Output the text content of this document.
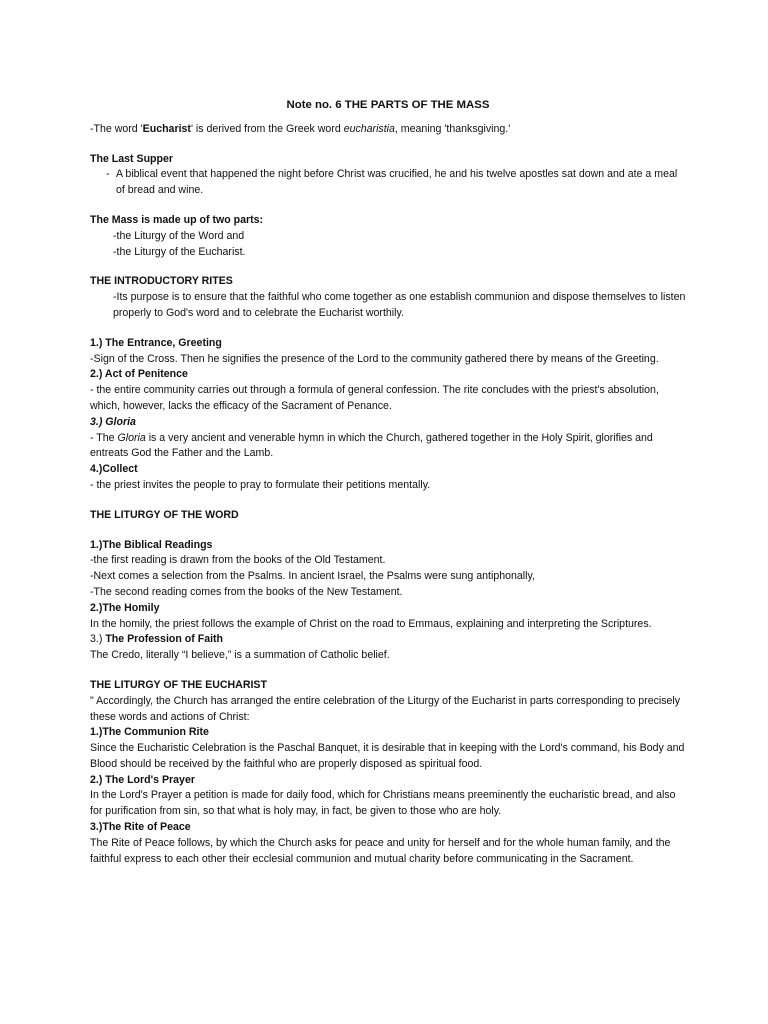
Note no. 6 THE PARTS OF THE MASS

-The word 'Eucharist' is derived from the Greek word eucharistia, meaning 'thanksgiving.'

The Last Supper

- A biblical event that happened the night before Christ was crucified, he and his twelve apostles sat down and ate a meal of bread and wine.

The Mass is made up of two parts:

-the Liturgy of the Word and

-the Liturgy of the Eucharist.

THE INTRODUCTORY RITES

-Its purpose is to ensure that the faithful who come together as one establish communion and dispose themselves to listen properly to God's word and to celebrate the Eucharist worthily.

1.) The Entrance, Greeting

-Sign of the Cross. Then he signifies the presence of the Lord to the community gathered there by means of the Greeting.

2.) Act of Penitence

- the entire community carries out through a formula of general confession. The rite concludes with the priest's absolution, which, however, lacks the efficacy of the Sacrament of Penance.

3.) Gloria

- The Gloria is a very ancient and venerable hymn in which the Church, gathered together in the Holy Spirit, glorifies and entreats God the Father and the Lamb.

4.)Collect

- the priest invites the people to pray to formulate their petitions mentally.

THE LITURGY OF THE WORD

1.)The Biblical Readings

-the first reading is drawn from the books of the Old Testament.

-Next comes a selection from the Psalms. In ancient Israel, the Psalms were sung antiphonally,

-The second reading comes from the books of the New Testament.

2.)The Homily

In the homily, the priest follows the example of Christ on the road to Emmaus, explaining and interpreting the Scriptures.

3.) The Profession of Faith

The Credo, literally “I believe,” is a summation of Catholic belief.

THE LITURGY OF THE EUCHARIST

" Accordingly, the Church has arranged the entire celebration of the Liturgy of the Eucharist in parts corresponding to precisely these words and actions of Christ:

1.)The Communion Rite

Since the Eucharistic Celebration is the Paschal Banquet, it is desirable that in keeping with the Lord's command, his Body and Blood should be received by the faithful who are properly disposed as spiritual food.

2.) The Lord's Prayer

In the Lord's Prayer a petition is made for daily food, which for Christians means preeminently the eucharistic bread, and also for purification from sin, so that what is holy may, in fact, be given to those who are holy.

3.)The Rite of Peace

The Rite of Peace follows, by which the Church asks for peace and unity for herself and for the whole human family, and the faithful express to each other their ecclesial communion and mutual charity before communicating in the Sacrament.
